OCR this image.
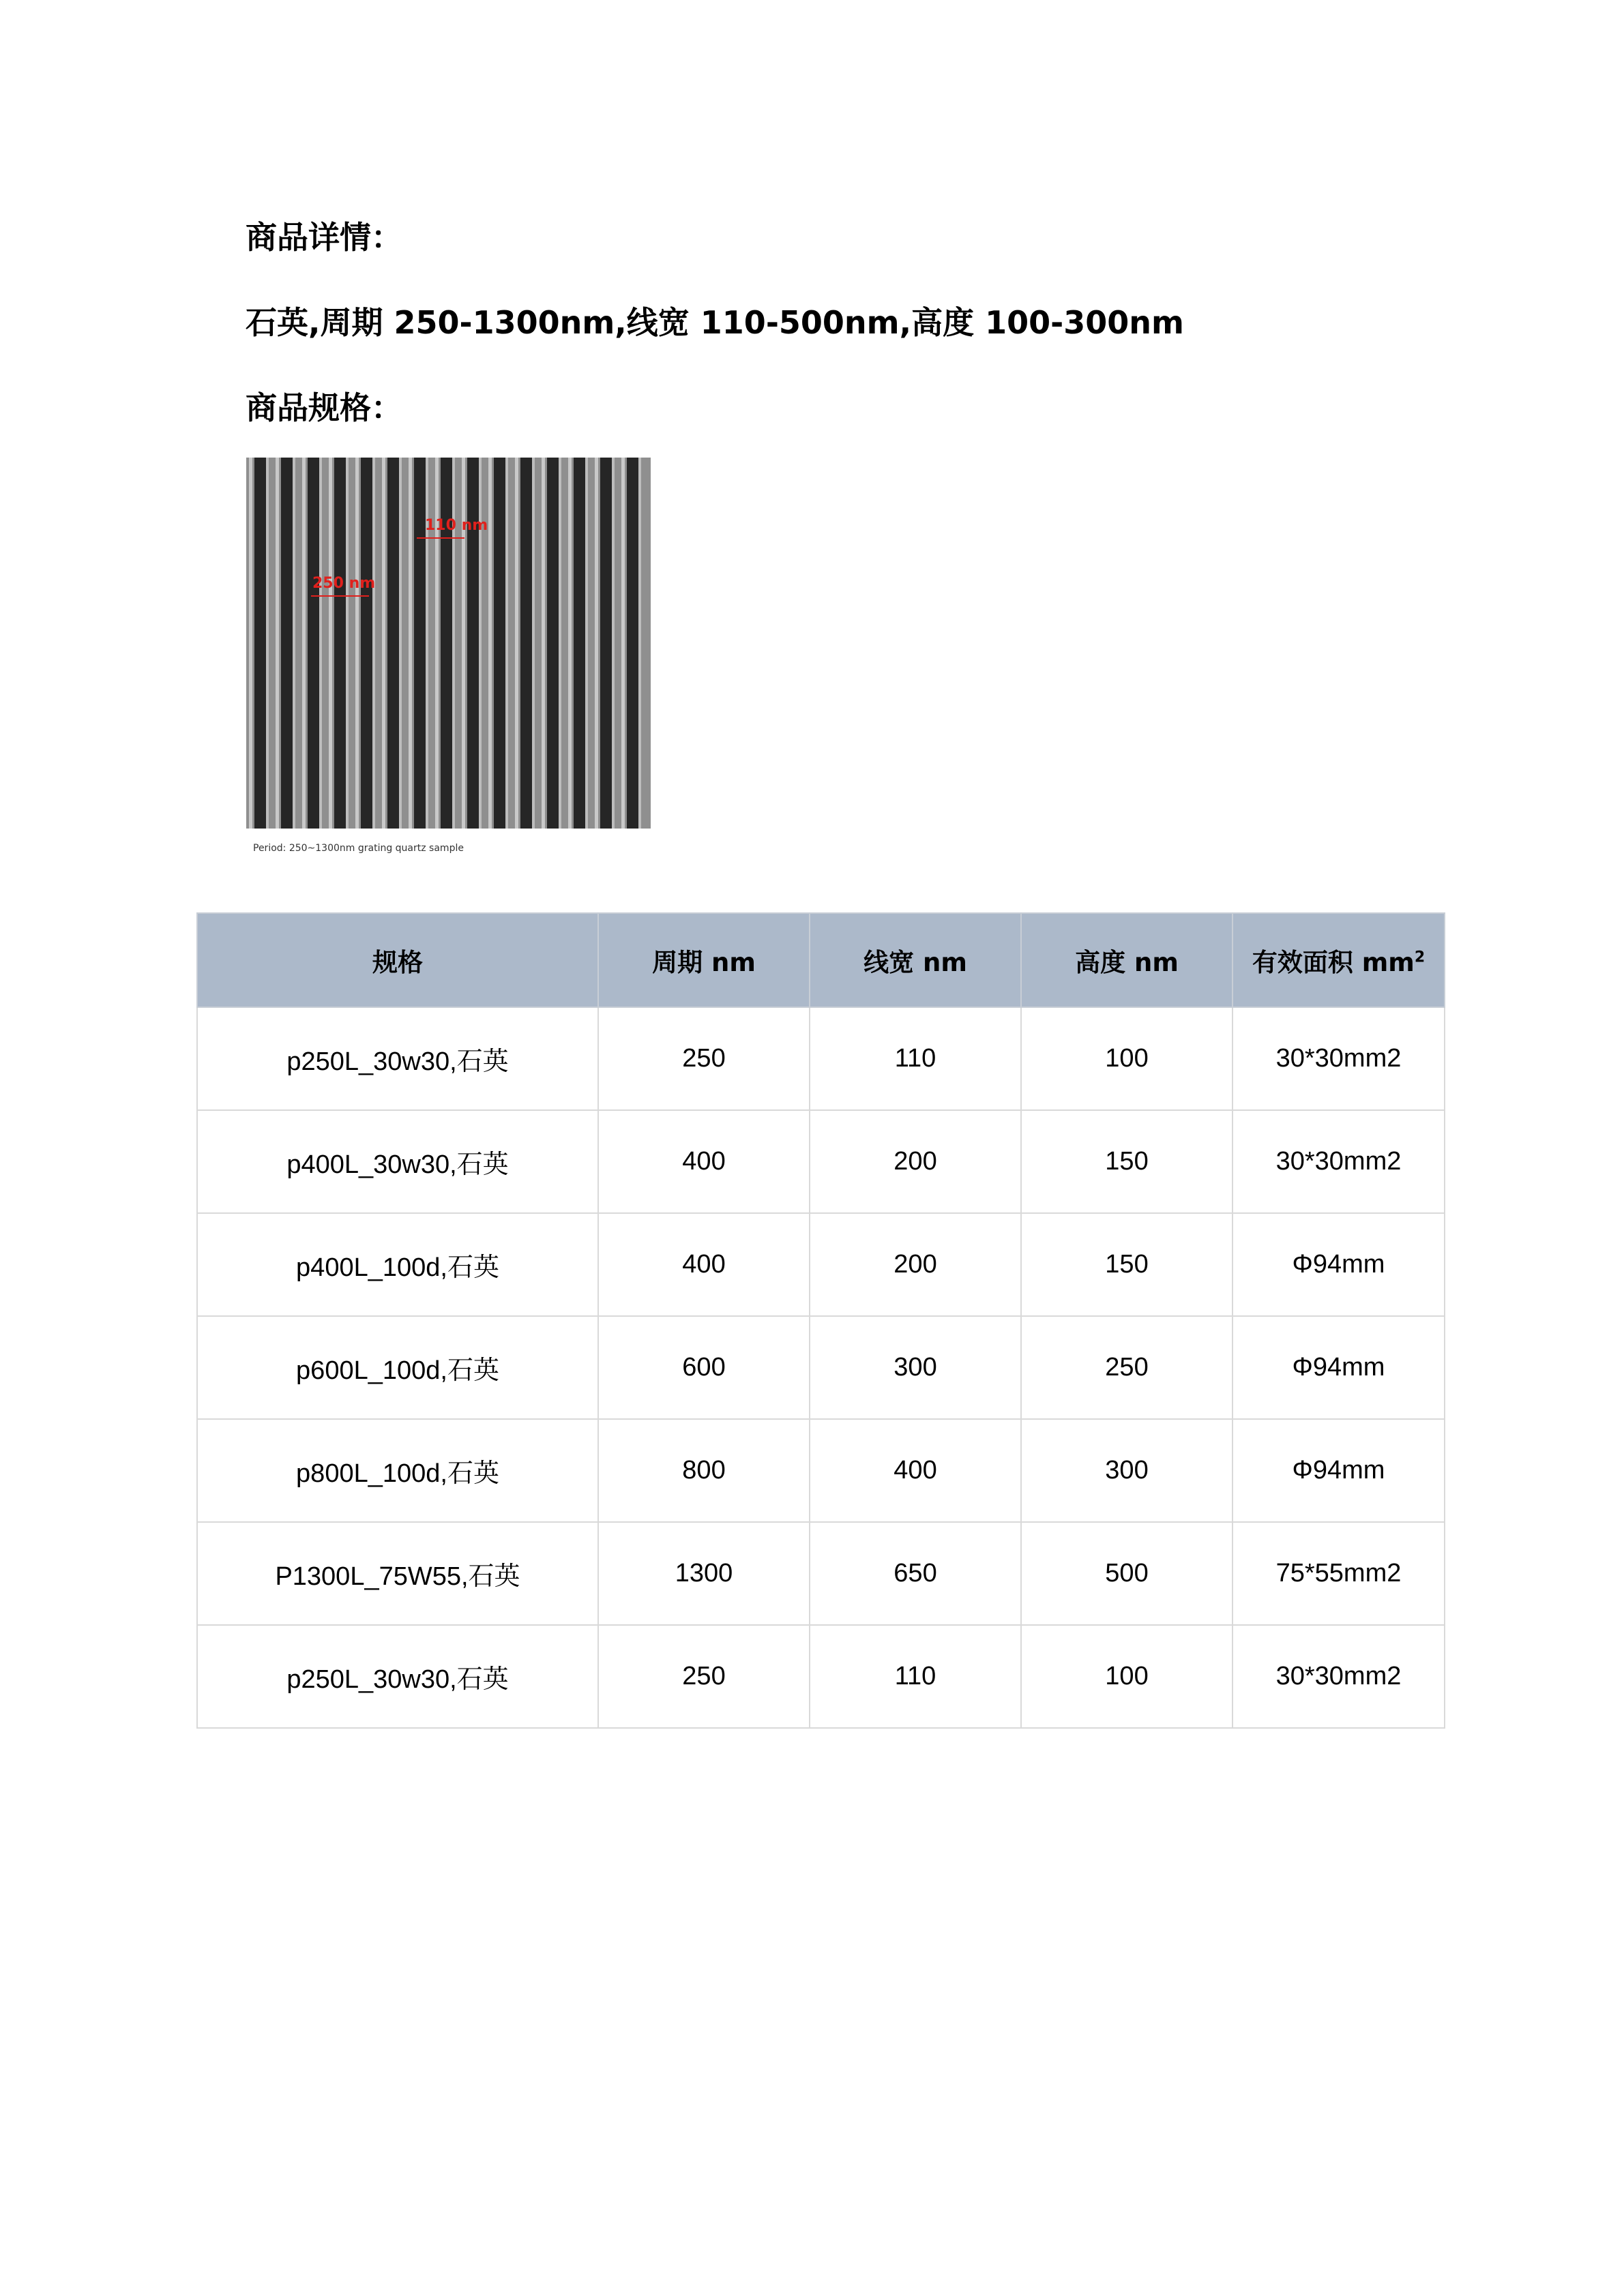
商品详情：
石英,周期 250-1300nm,线宽 110-500nm,高度 100-300nm
商品规格：
110 nm
250 nm
Period: 250~1300nm grating quartz sample
规格	周期 nm	线宽 nm	高度 nm	有效面积 $mm^2$
p250L_30w30,石英	250	110	100	30*30mm2
p400L_30w30,石英	400	200	150	30*30mm2
p400L_100d,石英	400	200	150	Φ94mm
p600L_100d,石英	600	300	250	Φ94mm
p800L_100d,石英	800	400	300	Φ94mm
P1300L_75W55,石英	1300	650	500	75*55mm2
p250L_30w30,石英	250	110	100	30*30mm2
